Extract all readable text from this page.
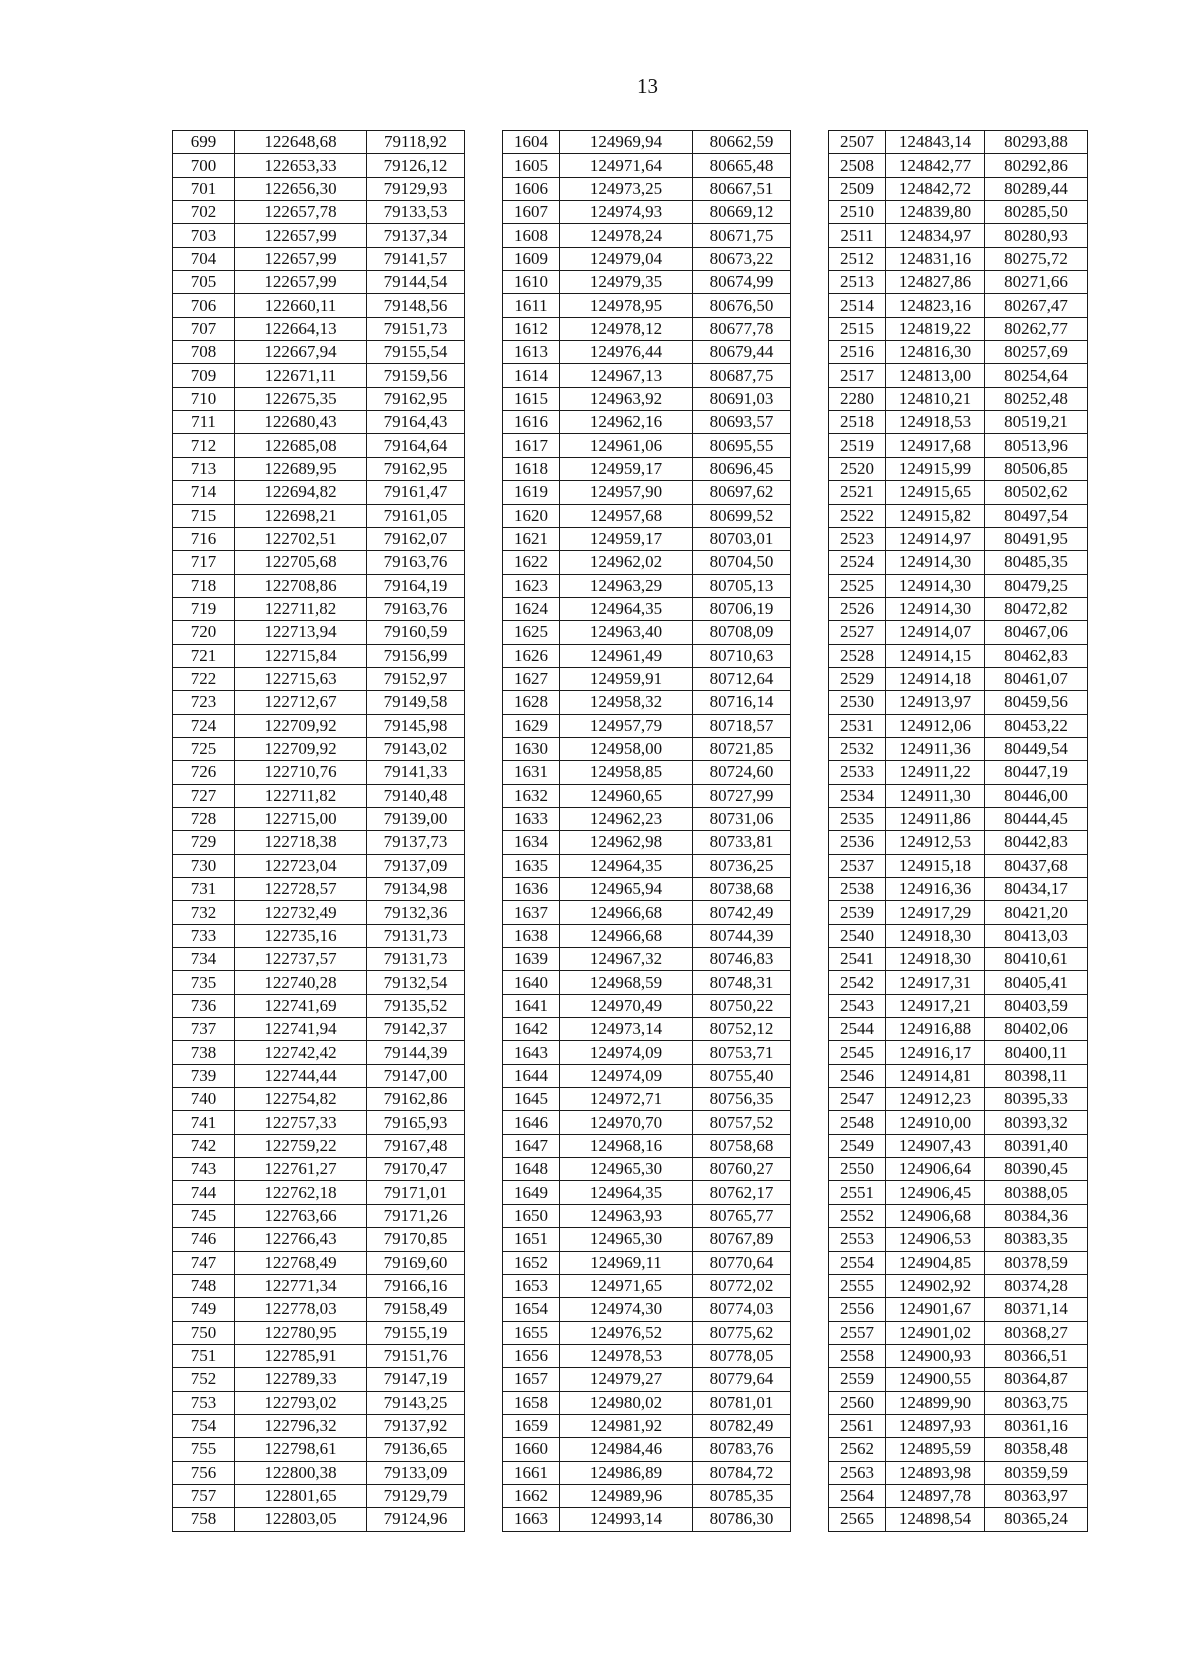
13
699	122648,68	79118,92		1604	124969,94	80662,59		2507	124843,14	80293,88
700	122653,33	79126,12		1605	124971,64	80665,48		2508	124842,77	80292,86
701	122656,30	79129,93		1606	124973,25	80667,51		2509	124842,72	80289,44
702	122657,78	79133,53		1607	124974,93	80669,12		2510	124839,80	80285,50
703	122657,99	79137,34		1608	124978,24	80671,75		2511	124834,97	80280,93
704	122657,99	79141,57		1609	124979,04	80673,22		2512	124831,16	80275,72
705	122657,99	79144,54		1610	124979,35	80674,99		2513	124827,86	80271,66
706	122660,11	79148,56		1611	124978,95	80676,50		2514	124823,16	80267,47
707	122664,13	79151,73		1612	124978,12	80677,78		2515	124819,22	80262,77
708	122667,94	79155,54		1613	124976,44	80679,44		2516	124816,30	80257,69
709	122671,11	79159,56		1614	124967,13	80687,75		2517	124813,00	80254,64
710	122675,35	79162,95		1615	124963,92	80691,03		2280	124810,21	80252,48
711	122680,43	79164,43		1616	124962,16	80693,57		2518	124918,53	80519,21
712	122685,08	79164,64		1617	124961,06	80695,55		2519	124917,68	80513,96
713	122689,95	79162,95		1618	124959,17	80696,45		2520	124915,99	80506,85
714	122694,82	79161,47		1619	124957,90	80697,62		2521	124915,65	80502,62
715	122698,21	79161,05		1620	124957,68	80699,52		2522	124915,82	80497,54
716	122702,51	79162,07		1621	124959,17	80703,01		2523	124914,97	80491,95
717	122705,68	79163,76		1622	124962,02	80704,50		2524	124914,30	80485,35
718	122708,86	79164,19		1623	124963,29	80705,13		2525	124914,30	80479,25
719	122711,82	79163,76		1624	124964,35	80706,19		2526	124914,30	80472,82
720	122713,94	79160,59		1625	124963,40	80708,09		2527	124914,07	80467,06
721	122715,84	79156,99		1626	124961,49	80710,63		2528	124914,15	80462,83
722	122715,63	79152,97		1627	124959,91	80712,64		2529	124914,18	80461,07
723	122712,67	79149,58		1628	124958,32	80716,14		2530	124913,97	80459,56
724	122709,92	79145,98		1629	124957,79	80718,57		2531	124912,06	80453,22
725	122709,92	79143,02		1630	124958,00	80721,85		2532	124911,36	80449,54
726	122710,76	79141,33		1631	124958,85	80724,60		2533	124911,22	80447,19
727	122711,82	79140,48		1632	124960,65	80727,99		2534	124911,30	80446,00
728	122715,00	79139,00		1633	124962,23	80731,06		2535	124911,86	80444,45
729	122718,38	79137,73		1634	124962,98	80733,81		2536	124912,53	80442,83
730	122723,04	79137,09		1635	124964,35	80736,25		2537	124915,18	80437,68
731	122728,57	79134,98		1636	124965,94	80738,68		2538	124916,36	80434,17
732	122732,49	79132,36		1637	124966,68	80742,49		2539	124917,29	80421,20
733	122735,16	79131,73		1638	124966,68	80744,39		2540	124918,30	80413,03
734	122737,57	79131,73		1639	124967,32	80746,83		2541	124918,30	80410,61
735	122740,28	79132,54		1640	124968,59	80748,31		2542	124917,31	80405,41
736	122741,69	79135,52		1641	124970,49	80750,22		2543	124917,21	80403,59
737	122741,94	79142,37		1642	124973,14	80752,12		2544	124916,88	80402,06
738	122742,42	79144,39		1643	124974,09	80753,71		2545	124916,17	80400,11
739	122744,44	79147,00		1644	124974,09	80755,40		2546	124914,81	80398,11
740	122754,82	79162,86		1645	124972,71	80756,35		2547	124912,23	80395,33
741	122757,33	79165,93		1646	124970,70	80757,52		2548	124910,00	80393,32
742	122759,22	79167,48		1647	124968,16	80758,68		2549	124907,43	80391,40
743	122761,27	79170,47		1648	124965,30	80760,27		2550	124906,64	80390,45
744	122762,18	79171,01		1649	124964,35	80762,17		2551	124906,45	80388,05
745	122763,66	79171,26		1650	124963,93	80765,77		2552	124906,68	80384,36
746	122766,43	79170,85		1651	124965,30	80767,89		2553	124906,53	80383,35
747	122768,49	79169,60		1652	124969,11	80770,64		2554	124904,85	80378,59
748	122771,34	79166,16		1653	124971,65	80772,02		2555	124902,92	80374,28
749	122778,03	79158,49		1654	124974,30	80774,03		2556	124901,67	80371,14
750	122780,95	79155,19		1655	124976,52	80775,62		2557	124901,02	80368,27
751	122785,91	79151,76		1656	124978,53	80778,05		2558	124900,93	80366,51
752	122789,33	79147,19		1657	124979,27	80779,64		2559	124900,55	80364,87
753	122793,02	79143,25		1658	124980,02	80781,01		2560	124899,90	80363,75
754	122796,32	79137,92		1659	124981,92	80782,49		2561	124897,93	80361,16
755	122798,61	79136,65		1660	124984,46	80783,76		2562	124895,59	80358,48
756	122800,38	79133,09		1661	124986,89	80784,72		2563	124893,98	80359,59
757	122801,65	79129,79		1662	124989,96	80785,35		2564	124897,78	80363,97
758	122803,05	79124,96		1663	124993,14	80786,30		2565	124898,54	80365,24
